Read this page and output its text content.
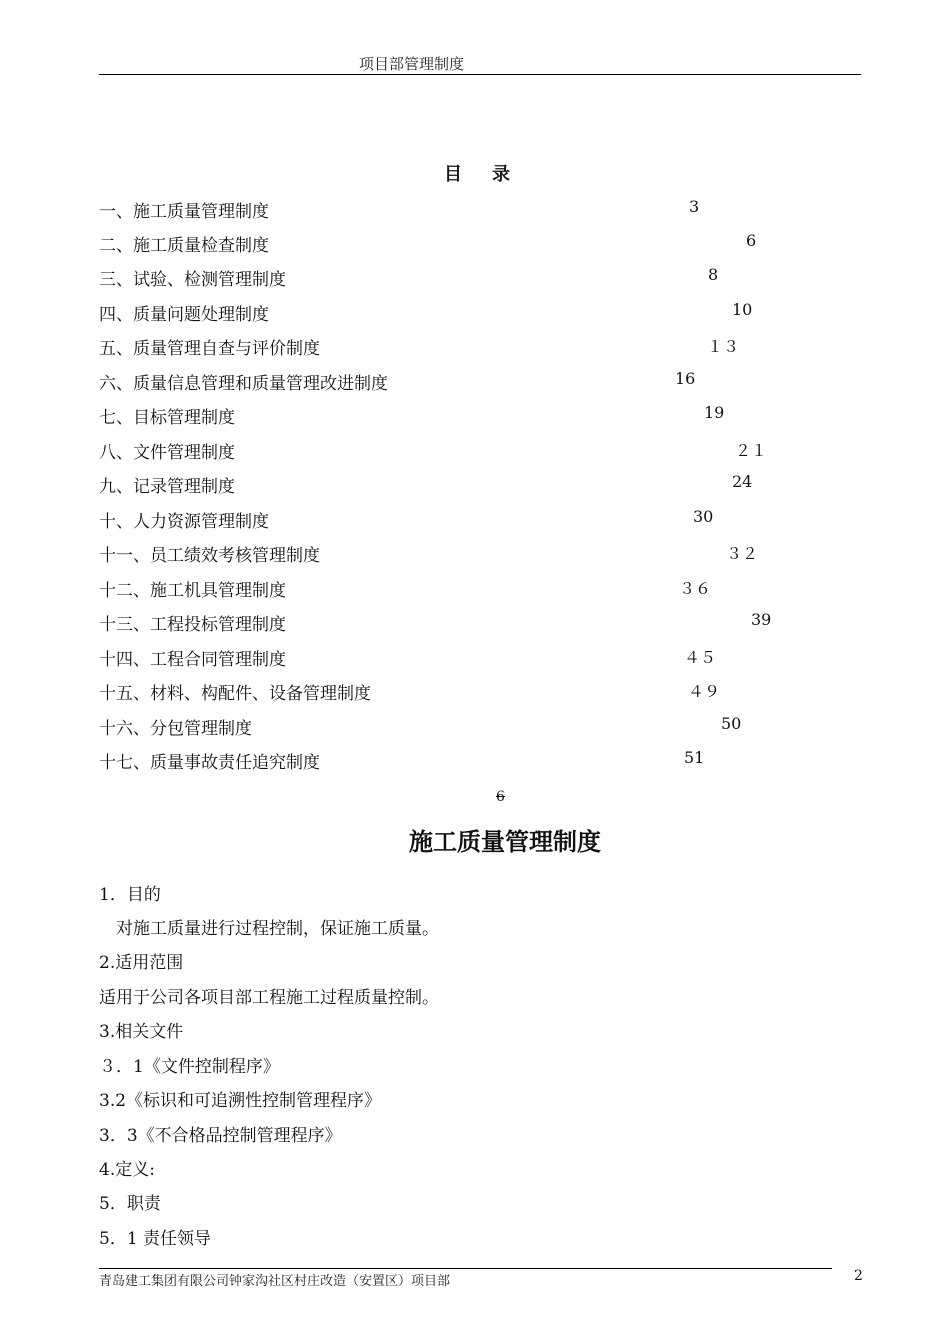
项目部管理制度
目 录
一、施工质量管理制度	3
二、施工质量检查制度	6
三、试验、检测管理制度	8
四、质量问题处理制度	10
五、质量管理自查与评价制度	１３
六、质量信息管理和质量管理改进制度	16
七、目标管理制度	19
八、文件管理制度	２１
九、记录管理制度	24
十、人力资源管理制度	30
十一、员工绩效考核管理制度	３２
十二、施工机具管理制度	３６
十三、工程投标管理制度	39
十四、工程合同管理制度	４５
十五、材料、构配件、设备管理制度	４９
十六、分包管理制度	50
十七、质量事故责任追究制度	51
6
施工质量管理制度
1．目的
　对施工质量进行过程控制，保证施工质量。
2.适用范围
适用于公司各项目部工程施工过程质量控制。
3.相关文件
３．1《文件控制程序》
3.2《标识和可追溯性控制管理程序》
3．3《不合格品控制管理程序》
4.定义:
5．职责
5．1 责任领导
青岛建工集团有限公司钟家沟社区村庄改造（安置区）项目部	2
